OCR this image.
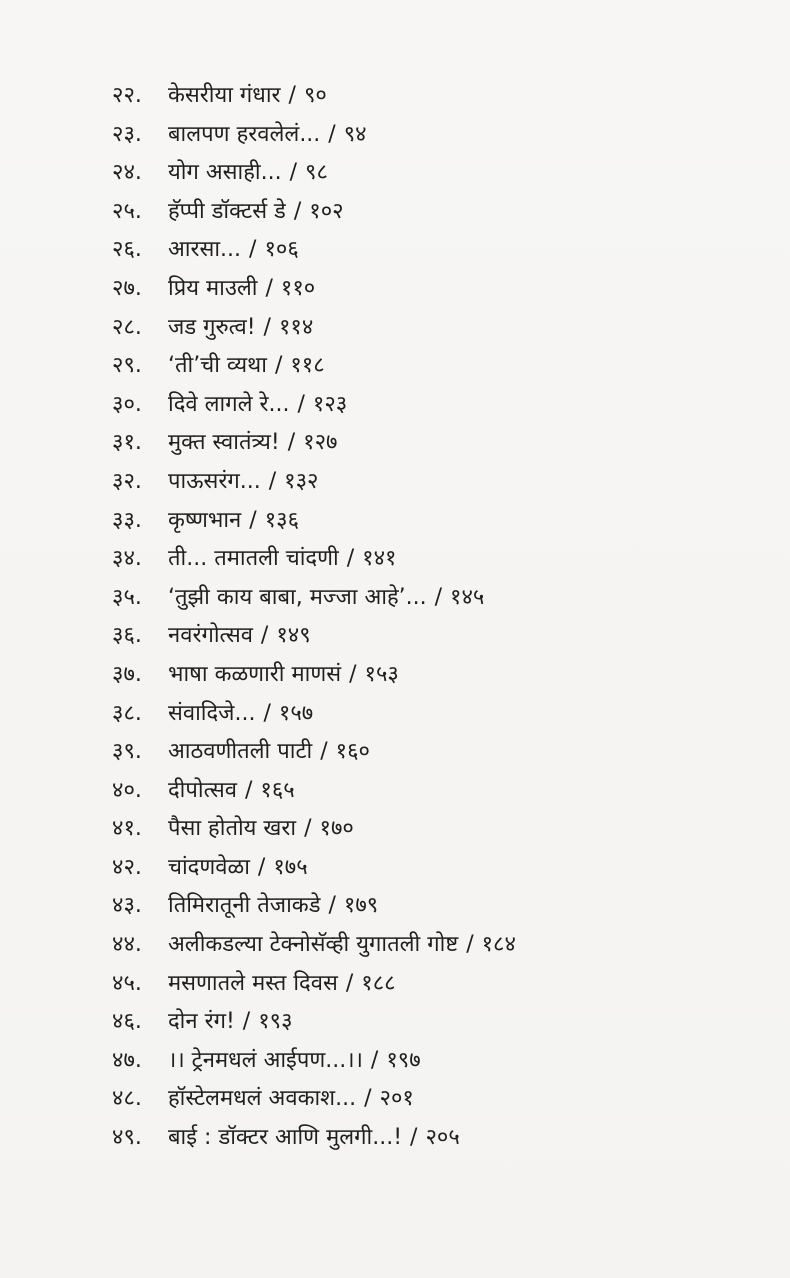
२२.	केसरीया गंधार / ९०
२३.	बालपण हरवलेलं... / ९४
२४.	योग असाही... / ९८
२५.	हॅप्पी डॉक्टर्स डे / १०२
२६.	आरसा... / १०६
२७.	प्रिय माउली / ११०
२८.	जड गुरुत्व! / ११४
२९.	‘ती’ची व्यथा / ११८
३०.	दिवे लागले रे... / १२३
३१.	मुक्त स्वातंत्र्य! / १२७
३२.	पाऊसरंग... / १३२
३३.	कृष्णभान / १३६
३४.	ती... तमातली चांदणी / १४१
३५.	‘तुझी काय बाबा, मज्जा आहे’... / १४५
३६.	नवरंगोत्सव / १४९
३७.	भाषा कळणारी माणसं / १५३
३८.	संवादिजे... / १५७
३९.	आठवणीतली पाटी / १६०
४०.	दीपोत्सव / १६५
४१.	पैसा होतोय खरा / १७०
४२.	चांदणवेळा / १७५
४३.	तिमिरातूनी तेजाकडे / १७९
४४.	अलीकडल्या टेक्नोसॅव्ही युगातली गोष्ट / १८४
४५.	मसणातले मस्त दिवस / १८८
४६.	दोन रंग! / १९३
४७.	।। ट्रेनमधलं आईपण...।। / १९७
४८.	हॉस्टेलमधलं अवकाश... / २०१
४९.	बाई : डॉक्टर आणि मुलगी...! / २०५
